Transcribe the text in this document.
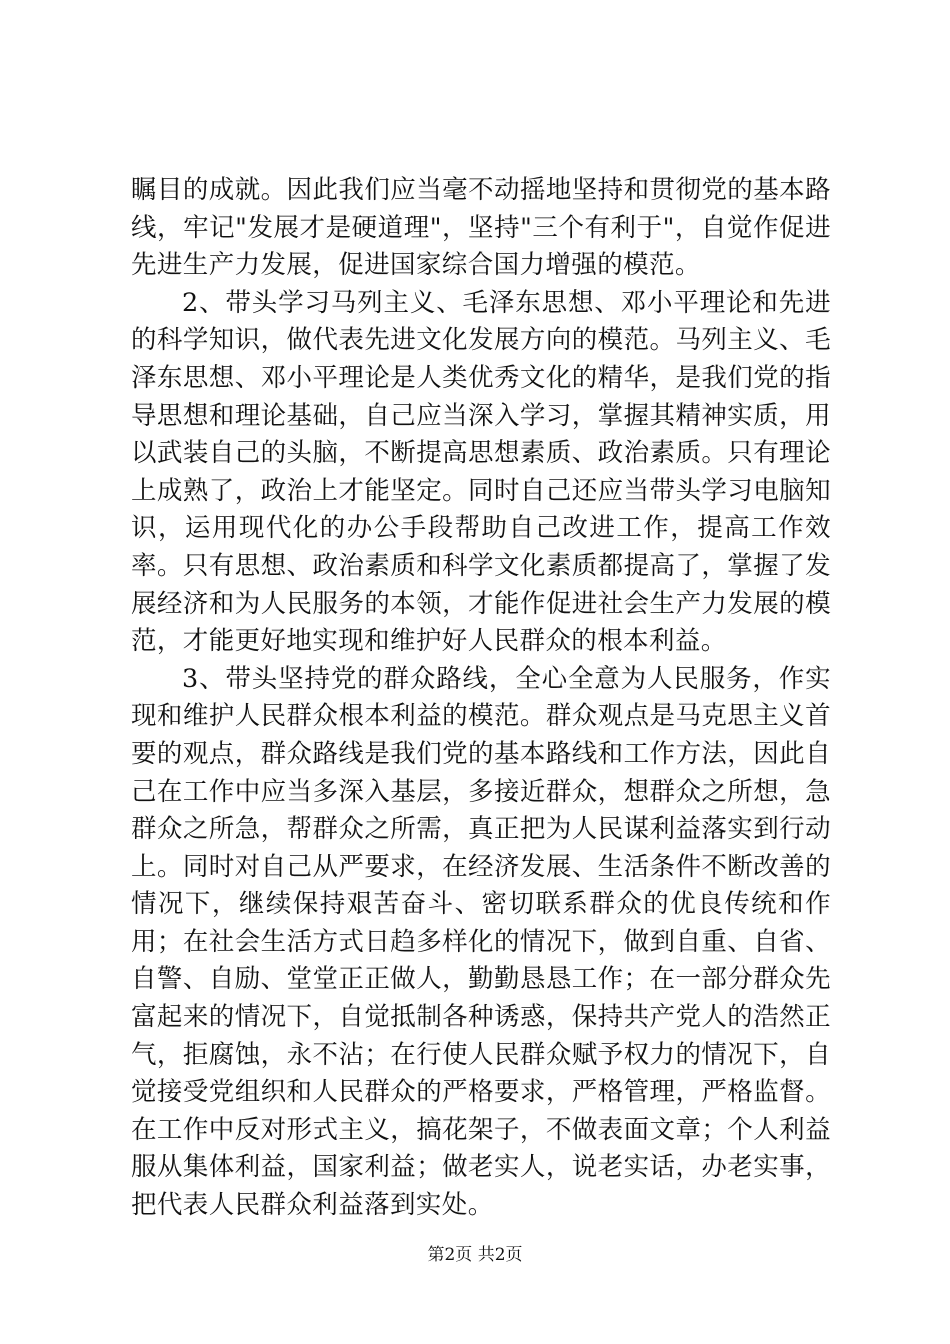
瞩目的成就。因此我们应当毫不动摇地坚持和贯彻党的基本路线，牢记"发展才是硬道理"，坚持"三个有利于"，自觉作促进先进生产力发展，促进国家综合国力增强的模范。

2、带头学习马列主义、毛泽东思想、邓小平理论和先进的科学知识，做代表先进文化发展方向的模范。马列主义、毛泽东思想、邓小平理论是人类优秀文化的精华，是我们党的指导思想和理论基础，自己应当深入学习，掌握其精神实质，用以武装自己的头脑，不断提高思想素质、政治素质。只有理论上成熟了，政治上才能坚定。同时自己还应当带头学习电脑知识，运用现代化的办公手段帮助自己改进工作，提高工作效率。只有思想、政治素质和科学文化素质都提高了，掌握了发展经济和为人民服务的本领，才能作促进社会生产力发展的模范，才能更好地实现和维护好人民群众的根本利益。

3、带头坚持党的群众路线，全心全意为人民服务，作实现和维护人民群众根本利益的模范。群众观点是马克思主义首要的观点，群众路线是我们党的基本路线和工作方法，因此自己在工作中应当多深入基层，多接近群众，想群众之所想，急群众之所急，帮群众之所需，真正把为人民谋利益落实到行动上。同时对自己从严要求，在经济发展、生活条件不断改善的情况下，继续保持艰苦奋斗、密切联系群众的优良传统和作用；在社会生活方式日趋多样化的情况下，做到自重、自省、自警、自励、堂堂正正做人，勤勤恳恳工作；在一部分群众先富起来的情况下，自觉抵制各种诱惑，保持共产党人的浩然正气，拒腐蚀，永不沾；在行使人民群众赋予权力的情况下，自觉接受党组织和人民群众的严格要求，严格管理，严格监督。在工作中反对形式主义，搞花架子，不做表面文章；个人利益服从集体利益，国家利益；做老实人，说老实话，办老实事，把代表人民群众利益落到实处。

第2页 共2页
